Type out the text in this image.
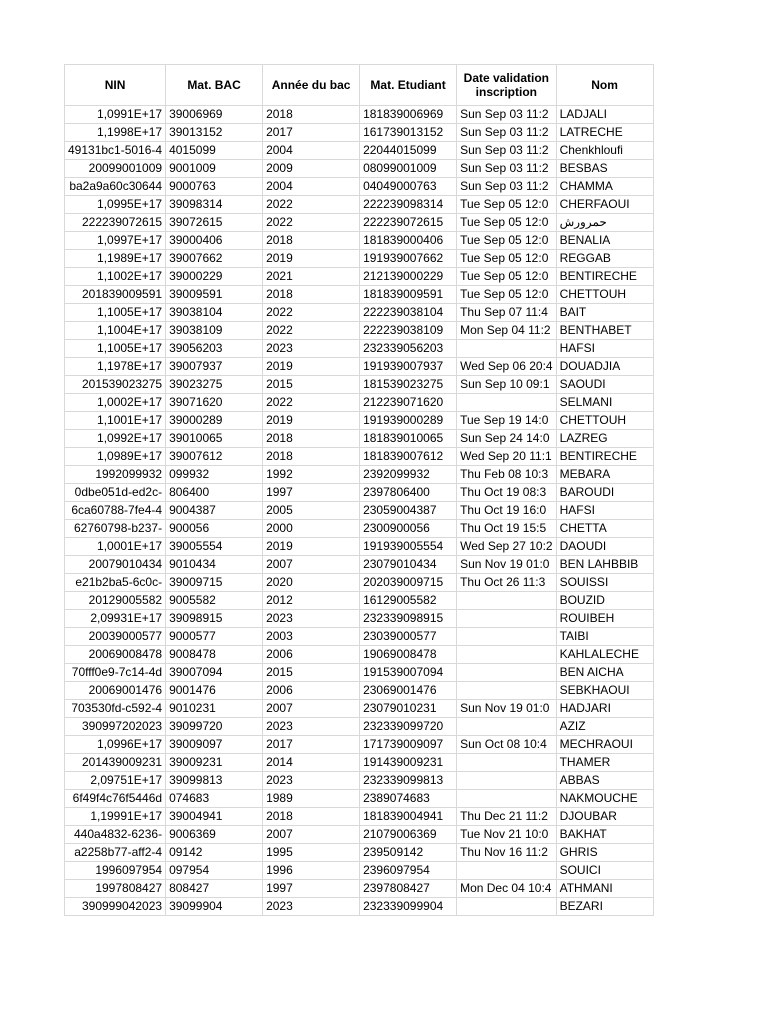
NIN	Mat. BAC	Année du bac	Mat. Etudiant	Date validation inscription	Nom
1,0991E+17	39006969	2018	181839006969	Sun Sep 03 11:2	LADJALI
1,1998E+17	39013152	2017	161739013152	Sun Sep 03 11:2	LATRECHE
49131bc1-5016-4	4015099	2004	22044015099	Sun Sep 03 11:2	Chenkhloufi
20099001009	9001009	2009	08099001009	Sun Sep 03 11:2	BESBAS
ba2a9a60c30644	9000763	2004	04049000763	Sun Sep 03 11:2	CHAMMA
1,0995E+17	39098314	2022	222239098314	Tue Sep 05 12:0	CHERFAOUI
222239072615	39072615	2022	222239072615	Tue Sep 05 12:0	حمرورش
1,0997E+17	39000406	2018	181839000406	Tue Sep 05 12:0	BENALIA
1,1989E+17	39007662	2019	191939007662	Tue Sep 05 12:0	REGGAB
1,1002E+17	39000229	2021	212139000229	Tue Sep 05 12:0	BENTIRECHE
201839009591	39009591	2018	181839009591	Tue Sep 05 12:0	CHETTOUH
1,1005E+17	39038104	2022	222239038104	Thu Sep 07 11:4	BAIT
1,1004E+17	39038109	2022	222239038109	Mon Sep 04 11:2	BENTHABET
1,1005E+17	39056203	2023	232339056203		HAFSI
1,1978E+17	39007937	2019	191939007937	Wed Sep 06 20:4	DOUADJIA
201539023275	39023275	2015	181539023275	Sun Sep 10 09:1	SAOUDI
1,0002E+17	39071620	2022	212239071620		SELMANI
1,1001E+17	39000289	2019	191939000289	Tue Sep 19 14:0	CHETTOUH
1,0992E+17	39010065	2018	181839010065	Sun Sep 24 14:0	LAZREG
1,0989E+17	39007612	2018	181839007612	Wed Sep 20 11:1	BENTIRECHE
1992099932	099932	1992	2392099932	Thu Feb 08 10:3	MEBARA
0dbe051d-ed2c-	806400	1997	2397806400	Thu Oct 19 08:3	BAROUDI
6ca60788-7fe4-4	9004387	2005	23059004387	Thu Oct 19 16:0	HAFSI
62760798-b237-	900056	2000	2300900056	Thu Oct 19 15:5	CHETTA
1,0001E+17	39005554	2019	191939005554	Wed Sep 27 10:2	DAOUDI
20079010434	9010434	2007	23079010434	Sun Nov 19 01:0	BEN LAHBBIB
e21b2ba5-6c0c-	39009715	2020	202039009715	Thu Oct 26 11:3	SOUISSI
20129005582	9005582	2012	16129005582		BOUZID
2,09931E+17	39098915	2023	232339098915		ROUIBEH
20039000577	9000577	2003	23039000577		TAIBI
20069008478	9008478	2006	19069008478		KAHLALECHE
70fff0e9-7c14-4d	39007094	2015	191539007094		BEN AICHA
20069001476	9001476	2006	23069001476		SEBKHAOUI
703530fd-c592-4	9010231	2007	23079010231	Sun Nov 19 01:0	HADJARI
390997202023	39099720	2023	232339099720		AZIZ
1,0996E+17	39009097	2017	171739009097	Sun Oct 08 10:4	MECHRAOUI
201439009231	39009231	2014	191439009231		THAMER
2,09751E+17	39099813	2023	232339099813		ABBAS
6f49f4c76f5446d	074683	1989	2389074683		NAKMOUCHE
1,19991E+17	39004941	2018	181839004941	Thu Dec 21 11:2	DJOUBAR
440a4832-6236-	9006369	2007	21079006369	Tue Nov 21 10:0	BAKHAT
a2258b77-aff2-4	09142	1995	239509142	Thu Nov 16 11:2	GHRIS
1996097954	097954	1996	2396097954		SOUICI
1997808427	808427	1997	2397808427	Mon Dec 04 10:4	ATHMANI
390999042023	39099904	2023	232339099904		BEZARI
